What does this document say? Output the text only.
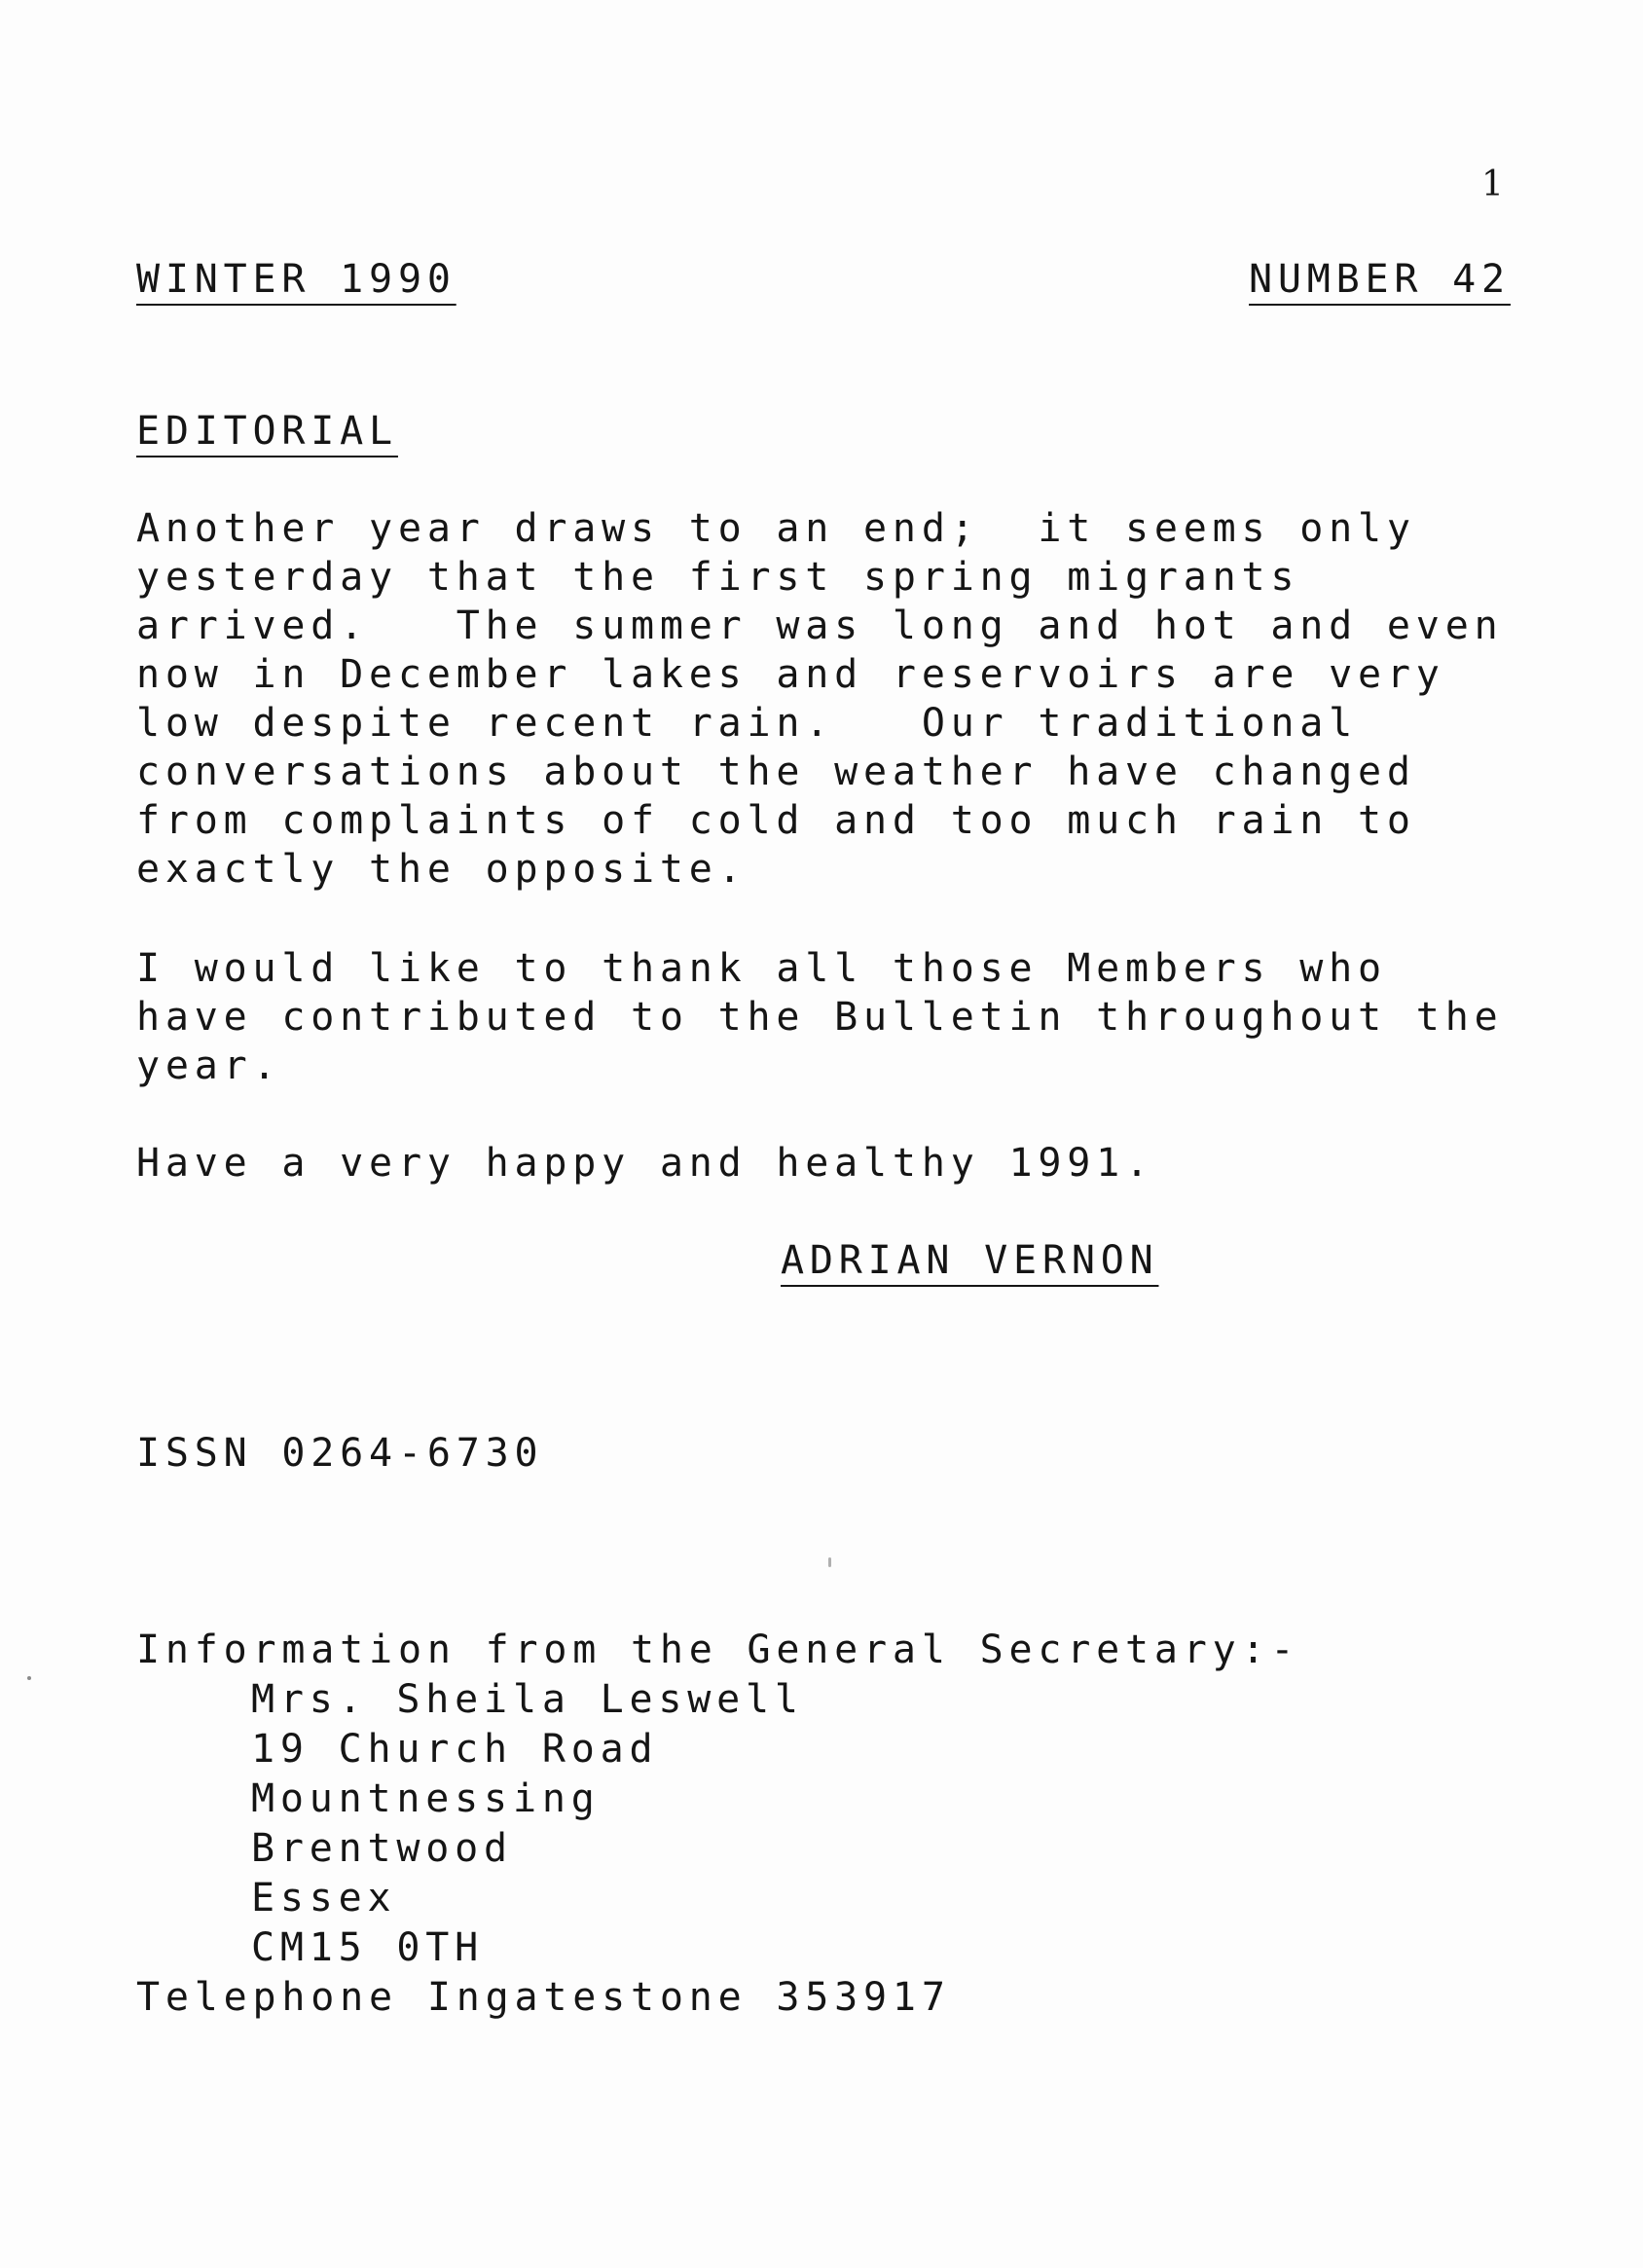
1
WINTER 1990	NUMBER 42
EDITORIAL
Another year draws to an end;  it seems only
yesterday that the first spring migrants
arrived.   The summer was long and hot and even
now in December lakes and reservoirs are very
low despite recent rain.   Our traditional
conversations about the weather have changed
from complaints of cold and too much rain to
exactly the opposite.
I would like to thank all those Members who
have contributed to the Bulletin throughout the
year.
Have a very happy and healthy 1991.
ADRIAN VERNON
ISSN 0264-6730
Information from the General Secretary:-
Mrs. Sheila Leswell
19 Church Road
Mountnessing
Brentwood
Essex
CM15 0TH
Telephone Ingatestone 353917
